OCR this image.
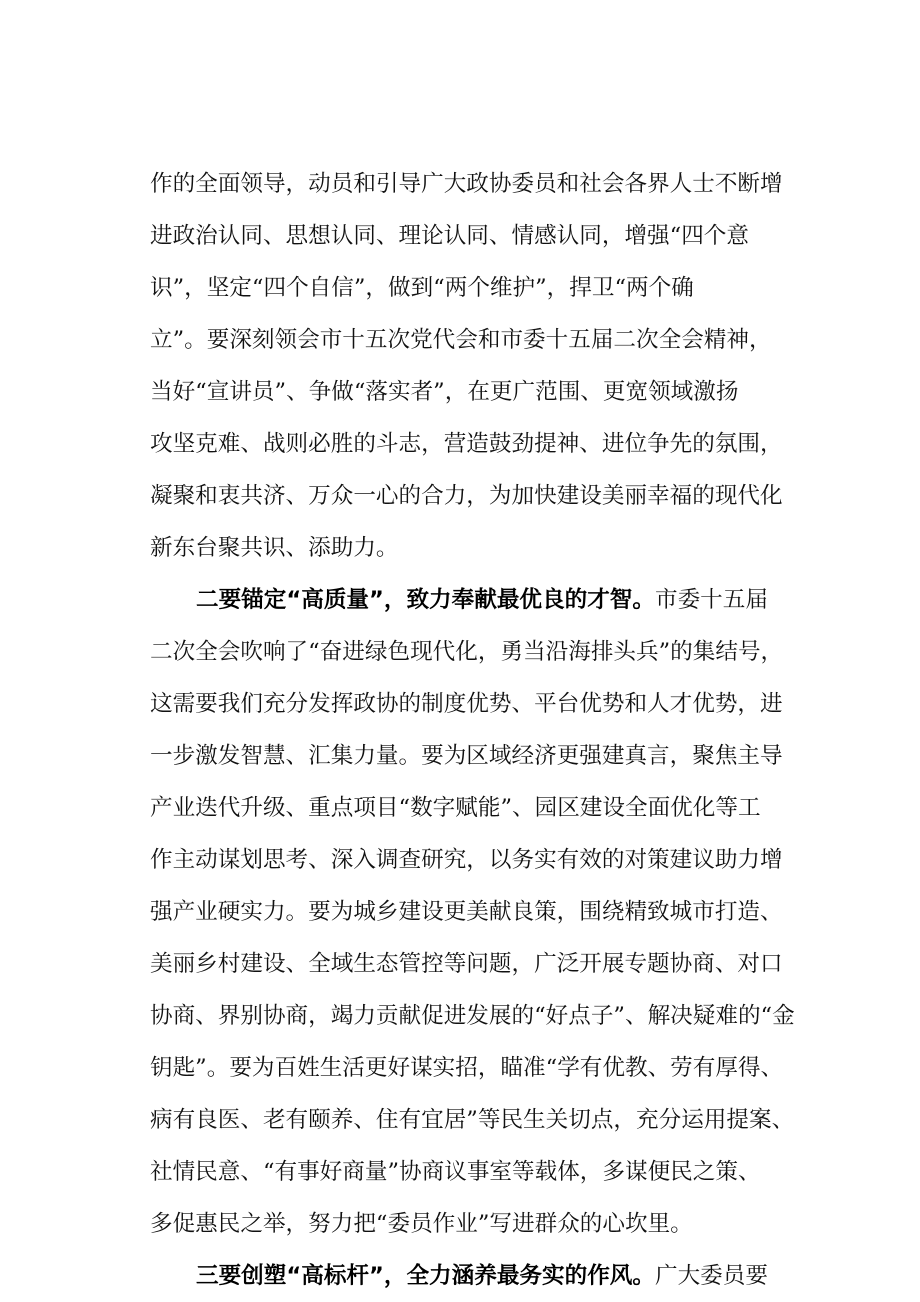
作的全面领导，动员和引导广大政协委员和社会各界人士不断增
进政治认同、思想认同、理论认同、情感认同，增强“四个意
识”，坚定“四个自信”，做到“两个维护”，捍卫“两个确
立”。要深刻领会市十五次党代会和市委十五届二次全会精神，
当好“宣讲员”、争做“落实者”，在更广范围、更宽领域激扬
攻坚克难、战则必胜的斗志，营造鼓劲提神、进位争先的氛围，
凝聚和衷共济、万众一心的合力，为加快建设美丽幸福的现代化
新东台聚共识、添助力。
二要锚定“高质量”，致力奉献最优良的才智。市委十五届
二次全会吹响了“奋进绿色现代化，勇当沿海排头兵”的集结号，
这需要我们充分发挥政协的制度优势、平台优势和人才优势，进
一步激发智慧、汇集力量。要为区域经济更强建真言，聚焦主导
产业迭代升级、重点项目“数字赋能”、园区建设全面优化等工
作主动谋划思考、深入调查研究，以务实有效的对策建议助力增
强产业硬实力。要为城乡建设更美献良策，围绕精致城市打造、
美丽乡村建设、全域生态管控等问题，广泛开展专题协商、对口
协商、界别协商，竭力贡献促进发展的“好点子”、解决疑难的“金
钥匙”。要为百姓生活更好谋实招，瞄准“学有优教、劳有厚得、
病有良医、老有颐养、住有宜居”等民生关切点，充分运用提案、
社情民意、“有事好商量”协商议事室等载体，多谋便民之策、
多促惠民之举，努力把“委员作业”写进群众的心坎里。
三要创塑“高标杆”，全力涵养最务实的作风。广大委员要
